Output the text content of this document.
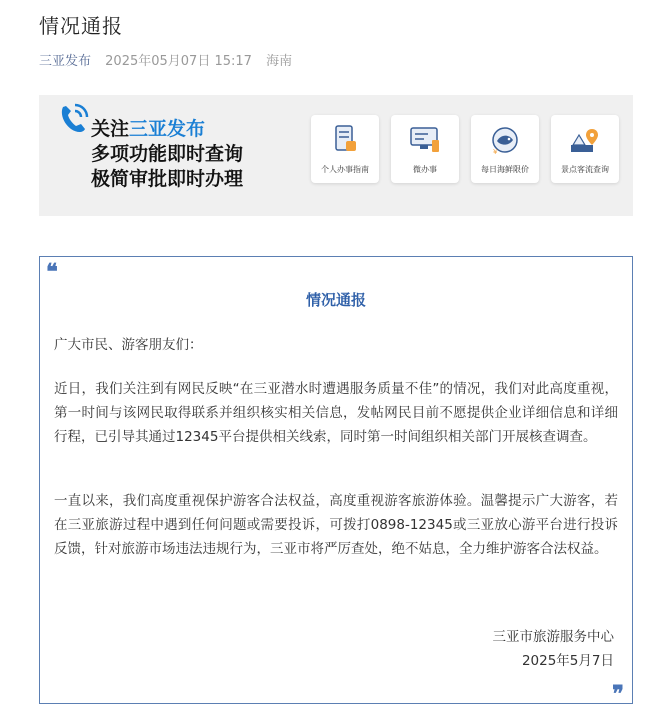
情况通报
三亚发布 2025年05月07日 15:17 海南
关注三亚发布
多项功能即时查询
极简审批即时办理	个人办事指南	微办事
¥
每日海鲜限价	景点客流查询
❝
情况通报

广大市民、游客朋友们：

近日，我们关注到有网民反映“在三亚潜水时遭遇服务质量不佳”的情况，我们对此高度重视，第一时间与该网民取得联系并组织核实相关信息，发帖网民目前不愿提供企业详细信息和详细行程，已引导其通过12345平台提供相关线索，同时第一时间组织相关部门开展核查调查。

一直以来，我们高度重视保护游客合法权益，高度重视游客旅游体验。温馨提示广大游客，若在三亚旅游过程中遇到任何问题或需要投诉，可拨打0898-12345或三亚放心游平台进行投诉反馈，针对旅游市场违法违规行为，三亚市将严厉查处，绝不姑息，全力维护游客合法权益。

三亚市旅游服务中心
2025年5月7日
❞
